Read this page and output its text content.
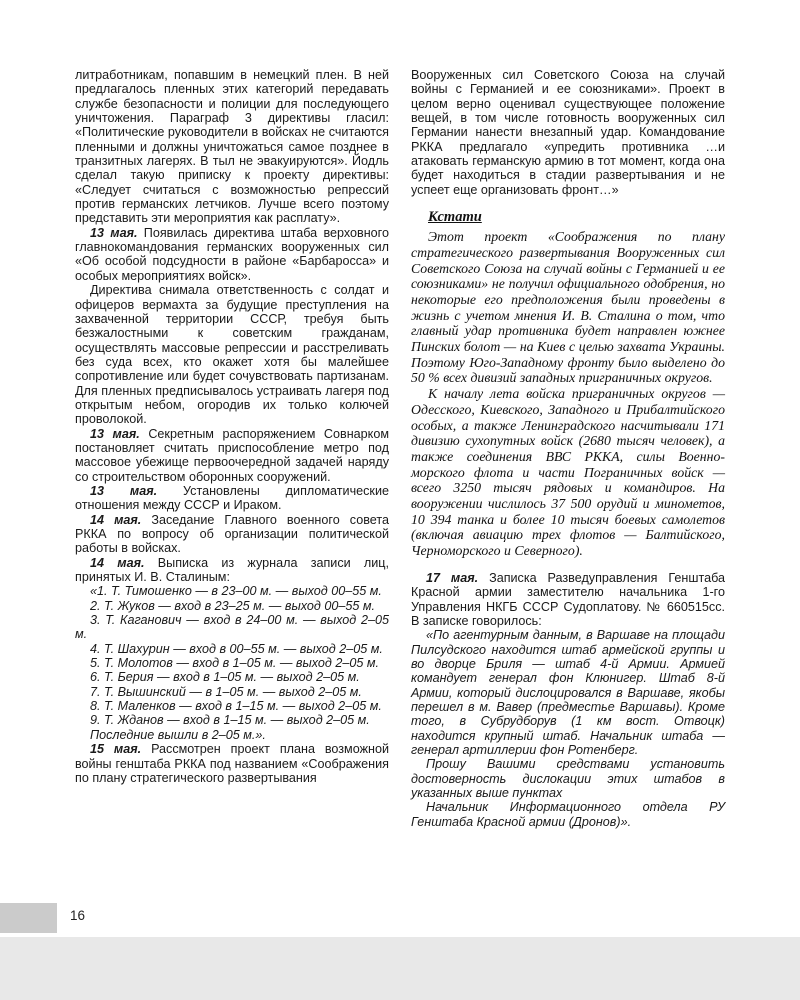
литработникам, попавшим в немецкий плен. В ней предлагалось пленных этих категорий передавать службе безопасности и полиции для последующего уничтожения. Параграф 3 директивы гласил: «Политические руководители в войсках не считаются пленными и должны уничтожаться самое позднее в транзитных лагерях. В тыл не эвакуируются». Йодль сделал такую приписку к проекту директивы: «Следует считаться с возможностью репрессий против германских летчиков. Лучше всего поэтому представить эти мероприятия как расплату».

13 мая. Появилась директива штаба верховного главнокомандования германских вооруженных сил «Об особой подсудности в районе «Барбаросса» и особых мероприятиях войск».

Директива снимала ответственность с солдат и офицеров вермахта за будущие преступления на захваченной территории СССР, требуя быть безжалостными к советским гражданам, осуществлять массовые репрессии и расстреливать без суда всех, кто окажет хотя бы малейшее сопротивление или будет сочувствовать партизанам. Для пленных предписывалось устраивать лагеря под открытым небом, огородив их только колючей проволокой.

13 мая. Секретным распоряжением Совнарком постановляет считать приспособление метро под массовое убежище первоочередной задачей наряду со строительством оборонных сооружений.

13 мая. Установлены дипломатические отношения между СССР и Ираком.

14 мая. Заседание Главного военного совета РККА по вопросу об организации политической работы в войсках.

14 мая. Выписка из журнала записи лиц, принятых И. В. Сталиным:

«1. Т. Тимошенко — в 23–00 м. — выход 00–55 м.

2. Т. Жуков — вход в 23–25 м. — выход 00–55 м.

3. Т. Каганович — вход в 24–00 м. — выход 2–05 м.

4. Т. Шахурин — вход в 00–55 м. — выход 2–05 м.

5. Т. Молотов — вход в 1–05 м. — выход 2–05 м.

6. Т. Берия — вход в 1–05 м. — выход 2–05 м.

7. Т. Вышинский — в 1–05 м. — выход 2–05 м.

8. Т. Маленков — вход в 1–15 м. — выход 2–05 м.

9. Т. Жданов — вход в 1–15 м. — выход 2–05 м.

Последние вышли в 2–05 м.».

15 мая. Рассмотрен проект плана возможной войны генштаба РККА под названием «Соображения по плану стратегического развертывания

Вооруженных сил Советского Союза на случай войны с Германией и ее союзниками». Проект в целом верно оценивал существующее положение вещей, в том числе готовность вооруженных сил Германии нанести внезапный удар. Командование РККА предлагало «упредить противника …и атаковать германскую армию в тот момент, когда она будет находиться в стадии развертывания и не успеет еще организовать фронт…»

Кстати

Этот проект «Соображения по плану стратегического развертывания Вооруженных сил Советского Союза на случай войны с Германией и ее союзниками» не получил официального одобрения, но некоторые его предположения были проведены в жизнь с учетом мнения И. В. Сталина о том, что главный удар противника будет направлен южнее Пинских болот — на Киев с целью захвата Украины. Поэтому Юго-Западному фронту было выделено до 50 % всех дивизий западных приграничных округов.

К началу лета войска приграничных округов — Одесского, Киевского, Западного и Прибалтийского особых, а также Ленинградского насчитывали 171 дивизию сухопутных войск (2680 тысяч человек), а также соединения ВВС РККА, силы Военно-морского флота и части Пограничных войск — всего 3250 тысяч рядовых и командиров. На вооружении числилось 37 500 орудий и минометов, 10 394 танка и более 10 тысяч боевых самолетов (включая авиацию трех флотов — Балтийского, Черноморского и Северного).

17 мая. Записка Разведуправления Генштаба Красной армии заместителю начальника 1-го Управления НКГБ СССР Судоплатову. № 660515сс. В записке говорилось:

«По агентурным данным, в Варшаве на площади Пилсудского находится штаб армейской группы и во дворце Бриля — штаб 4-й Армии. Армией командует генерал фон Клюнигер. Штаб 8-й Армии, который дислоцировался в Варшаве, якобы перешел в м. Вавер (предместье Варшавы). Кроме того, в Субрудборув (1 км вост. Отвоцк) находится крупный штаб. Начальник штаба — генерал артиллерии фон Ротенберг.

Прошу Вашими средствами установить достоверность дислокации этих штабов в указанных выше пунктах

Начальник Информационного отдела РУ Генштаба Красной армии (Дронов)».

16
